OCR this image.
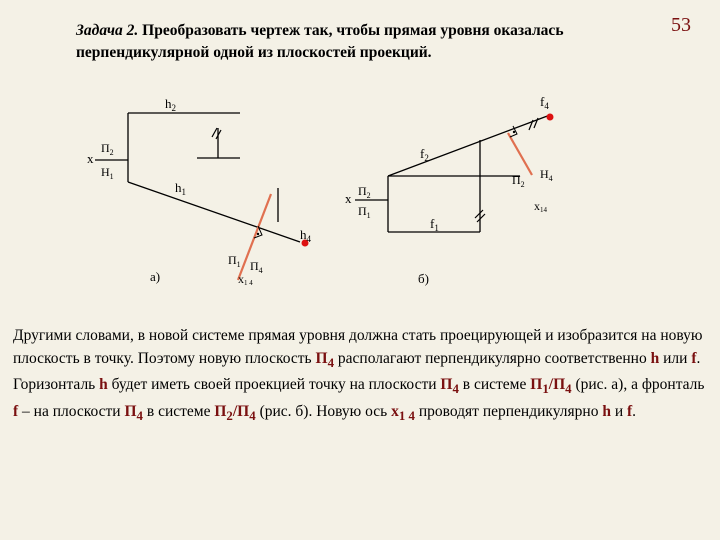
Задача 2. Преобразовать чертеж так, чтобы прямая уровня оказалась перпендикулярной одной из плоскостей проекций.
53
$h_2$
x
$П_2$
$Н_1$
$h_1$
$h_4$
$П_1$ $П_4$
x1 4
а)
$f_4$
$f_2$
$П_2$
$Н_4$
x $П_2$
$П_1$
$f_1$
x14
б)
Другими словами, в новой системе прямая уровня должна стать проецирующей и изобразится на новую плоскость в точку. Поэтому новую плоскость $П_4$ располагают перпендикулярно соответственно h или f. Горизонталь h будет иметь своей проекцией точку на плоскости $П_4$ в системе $П_1/П_4$ (рис. а), а фронталь f – на плоскости $П_4$ в системе $П_2/П_4$ (рис. б). Новую ось $x_{1 4}$ проводят перпендикулярно h и f.
